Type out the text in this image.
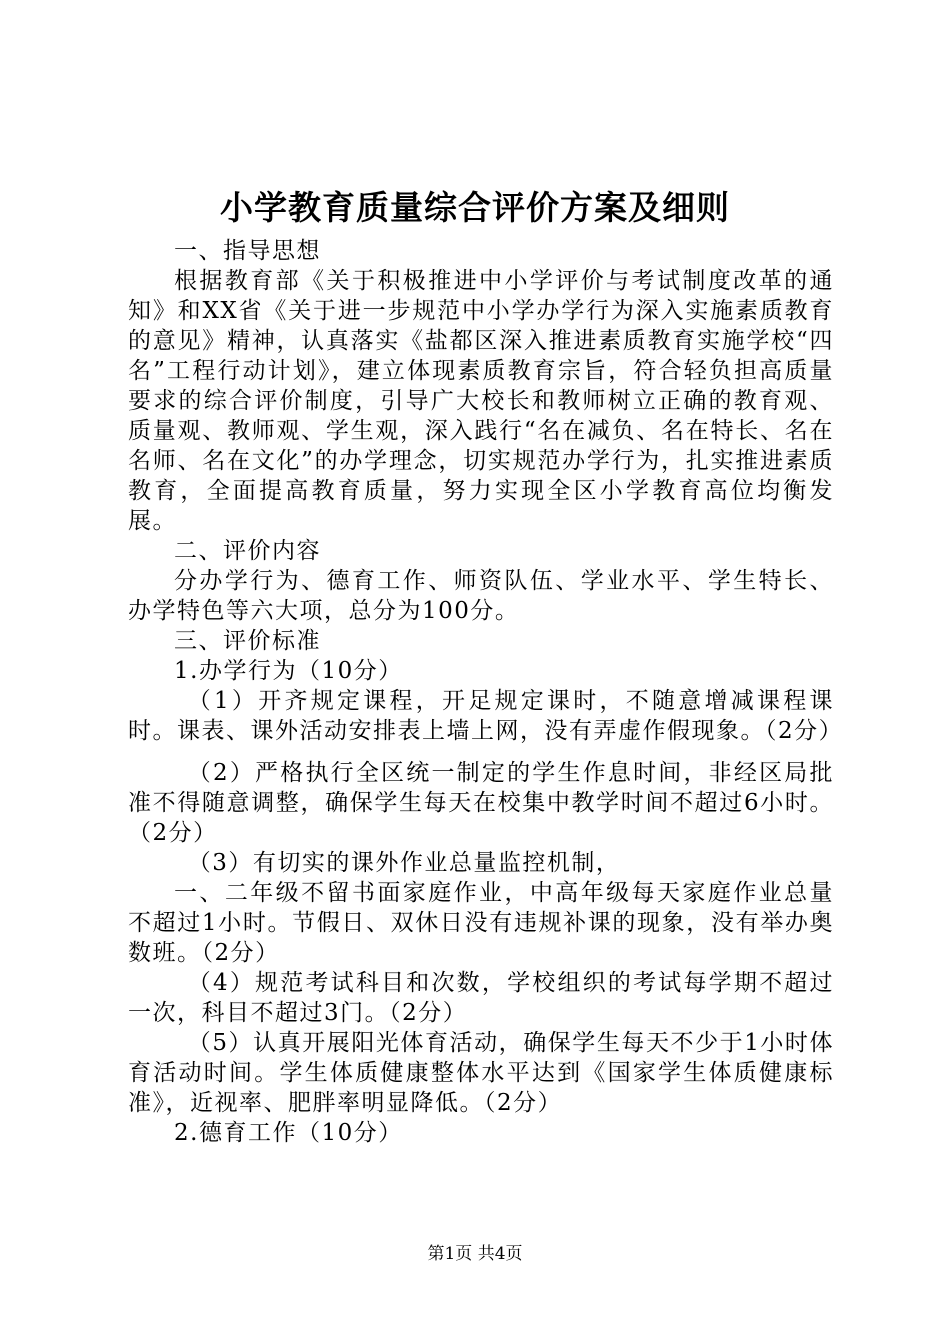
小学教育质量综合评价方案及细则

一、指导思想

根据教育部《关于积极推进中小学评价与考试制度改革的通知》和XX省《关于进一步规范中小学办学行为深入实施素质教育的意见》精神，认真落实《盐都区深入推进素质教育实施学校“四名”工程行动计划》，建立体现素质教育宗旨，符合轻负担高质量要求的综合评价制度，引导广大校长和教师树立正确的教育观、质量观、教师观、学生观，深入践行“名在减负、名在特长、名在名师、名在文化”的办学理念，切实规范办学行为，扎实推进素质教育，全面提高教育质量，努力实现全区小学教育高位均衡发展。

二、评价内容

分办学行为、德育工作、师资队伍、学业水平、学生特长、办学特色等六大项，总分为100分。

三、评价标准

1.办学行为（10分）

（1）开齐规定课程，开足规定课时，不随意增减课程课时。课表、课外活动安排表上墙上网，没有弄虚作假现象。（2分）

（2）严格执行全区统一制定的学生作息时间，非经区局批准不得随意调整，确保学生每天在校集中教学时间不超过6小时。（2分）

（3）有切实的课外作业总量监控机制，

一、二年级不留书面家庭作业，中高年级每天家庭作业总量不超过1小时。节假日、双休日没有违规补课的现象，没有举办奥数班。（2分）

（4）规范考试科目和次数，学校组织的考试每学期不超过一次，科目不超过3门。（2分）

（5）认真开展阳光体育活动，确保学生每天不少于1小时体育活动时间。学生体质健康整体水平达到《国家学生体质健康标准》，近视率、肥胖率明显降低。（2分）

2.德育工作（10分）

第1页 共4页
